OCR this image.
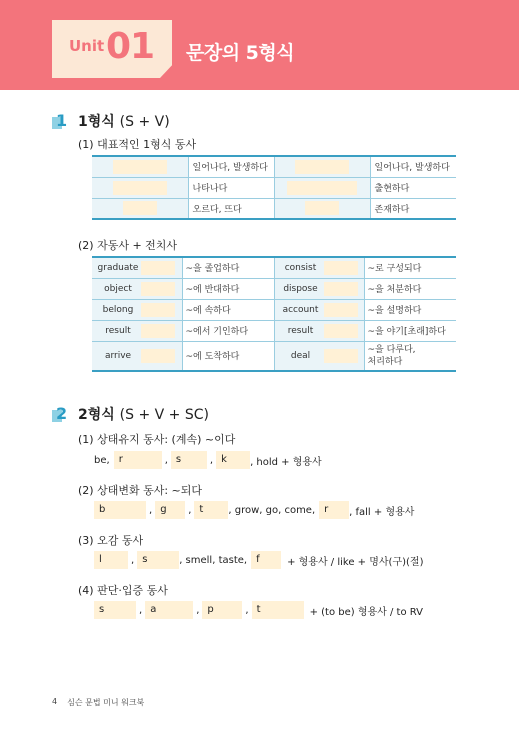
Unit 01 문장의 5형식
1 1형식 (S + V)
(1) 대표적인 1형식 동사
	일어나다, 발생하다		일어나다, 발생하다
	나타나다		출현하다
	오르다, 뜨다		존재하다
(2) 자동사 + 전치사
graduate	~을 졸업하다	consist	~로 구성되다
object	~에 반대하다	dispose	~을 처분하다
belong	~에 속하다	account	~을 설명하다
result	~에서 기인하다	result	~을 야기[초래]하다
arrive	~에 도착하다	deal	~을 다루다,
처리하다
2 2형식 (S + V + SC)
(1) 상태유지 동사: (계속) ~이다
be, r	, s	, k	, hold + 형용사
(2) 상태변화 동사: ~되다
b	, g	, t	, grow, go, come, r	, fall + 형용사
(3) 오감 동사
l	, s	, smell, taste, f	+ 형용사 / like + 명사(구)(절)
(4) 판단·입증 동사
s	, a	, p	, t	+ (to be) 형용사 / to RV
4 심슨 문법 미니 워크북
